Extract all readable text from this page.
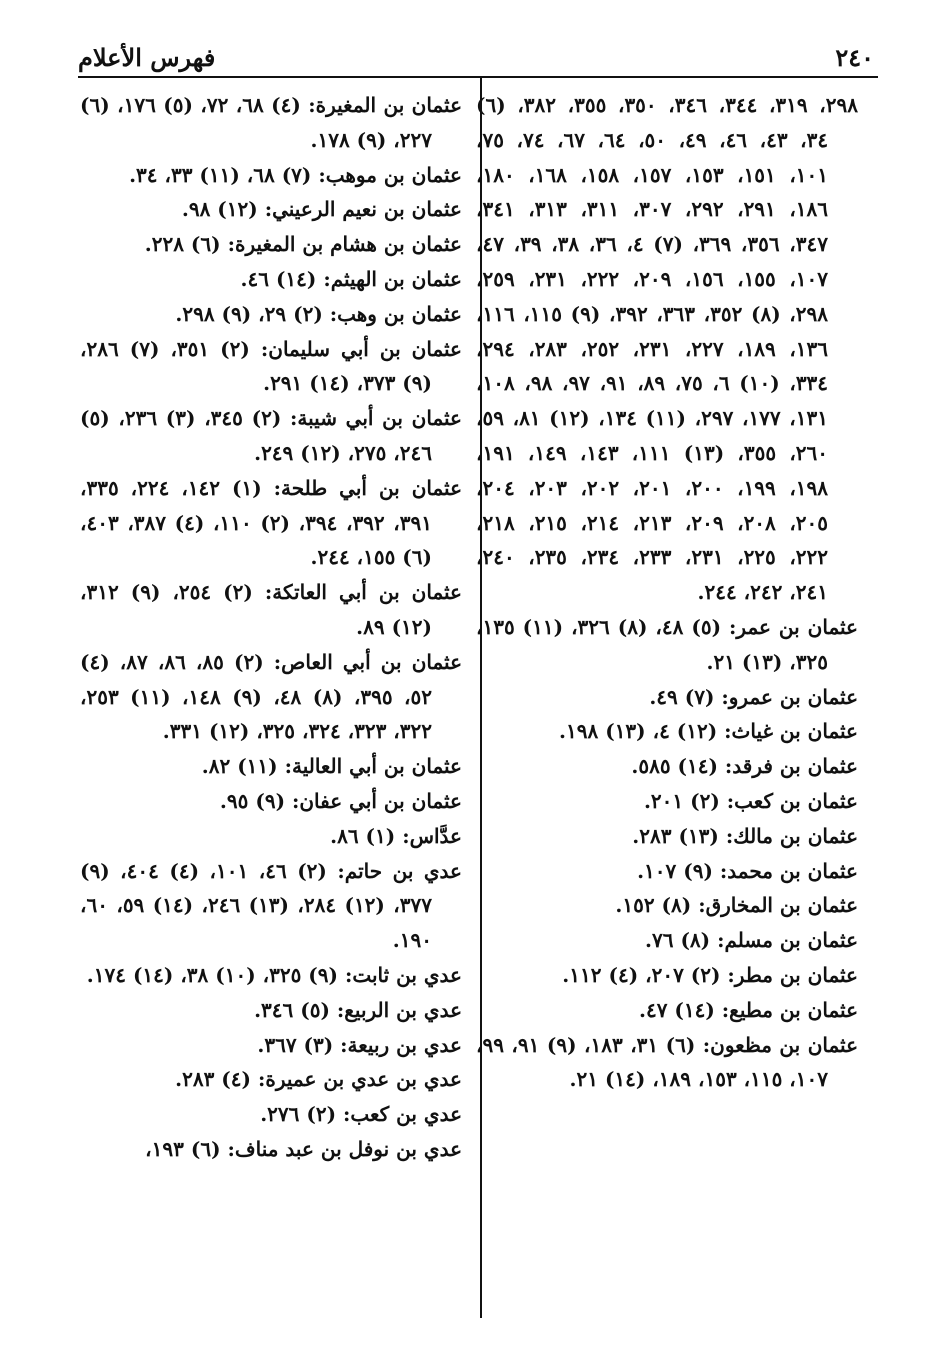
٢٤٠
فهرس الأعلام

٢٩٨، ٣١٩، ٣٤٤، ٣٤٦، ٣٥٠، ٣٥٥، ٣٨٢، (٦) ٣٤، ٤٣، ٤٦، ٤٩، ٥٠، ٦٤، ٦٧، ٧٤، ٧٥، ١٠١، ١٥١، ١٥٣، ١٥٧، ١٥٨، ١٦٨، ١٨٠، ١٨٦، ٢٩١، ٢٩٢، ٣٠٧، ٣١١، ٣١٣، ٣٤١، ٣٤٧، ٣٥٦، ٣٦٩، (٧) ٤، ٣٦، ٣٨، ٣٩، ٤٧، ١٠٧، ١٥٥، ١٥٦، ٢٠٩، ٢٢٢، ٢٣١، ٢٥٩، ٢٩٨، (٨) ٣٥٢، ٣٦٣، ٣٩٢، (٩) ١١٥، ١١٦، ١٣٦، ١٨٩، ٢٢٧، ٢٣١، ٢٥٢، ٢٨٣، ٢٩٤، ٣٣٤، (١٠) ٦، ٧٥، ٨٩، ٩١، ٩٧، ٩٨، ١٠٨، ١٣١، ١٧٧، ٢٩٧، (١١) ١٣٤، (١٢) ٨١، ٥٩، ٢٦٠، ٣٥٥، (١٣) ١١١، ١٤٣، ١٤٩، ١٩١، ١٩٨، ١٩٩، ٢٠٠، ٢٠١، ٢٠٢، ٢٠٣، ٢٠٤، ٢٠٥، ٢٠٨، ٢٠٩، ٢١٣، ٢١٤، ٢١٥، ٢١٨، ٢٢٢، ٢٢٥، ٢٣١، ٢٣٣، ٢٣٤، ٢٣٥، ٢٤٠، ٢٤١، ٢٤٢، ٢٤٤.

عثمان بن عمر: (٥) ٤٨، (٨) ٣٢٦، (١١) ١٣٥، ٣٢٥، (١٣) ٢١.

عثمان بن عمرو: (٧) ٤٩.

عثمان بن غياث: (١٢) ٤، (١٣) ١٩٨.

عثمان بن فرقد: (١٤) ٥٨٥.

عثمان بن كعب: (٢) ٢٠١.

عثمان بن مالك: (١٣) ٢٨٣.

عثمان بن محمد: (٩) ١٠٧.

عثمان بن المخارق: (٨) ١٥٢.

عثمان بن مسلم: (٨) ٧٦.

عثمان بن مطر: (٢) ٢٠٧، (٤) ١١٢.

عثمان بن مطيع: (١٤) ٤٧.

عثمان بن مظعون: (٦) ٣١، ١٨٣، (٩) ٩١، ٩٩، ١٠٧، ١١٥، ١٥٣، ١٨٩، (١٤) ٢١.

عثمان بن المغيرة: (٤) ٦٨، ٧٢، (٥) ١٧٦، (٦) ٢٢٧، (٩) ١٧٨.

عثمان بن موهب: (٧) ٦٨، (١١) ٣٣، ٣٤.

عثمان بن نعيم الرعيني: (١٢) ٩٨.

عثمان بن هشام بن المغيرة: (٦) ٢٢٨.

عثمان بن الهيثم: (١٤) ٤٦.

عثمان بن وهب: (٢) ٢٩، (٩) ٢٩٨.

عثمان بن أبي سليمان: (٢) ٣٥١، (٧) ٢٨٦، (٩) ٣٧٣، (١٤) ٢٩١.

عثمان بن أبي شيبة: (٢) ٣٤٥، (٣) ٢٣٦، (٥) ٢٤٦، ٢٧٥، (١٢) ٢٤٩.

عثمان بن أبي طلحة: (١) ١٤٢، ٢٢٤، ٣٣٥، ٣٩١، ٣٩٢، ٣٩٤، (٢) ١١٠، (٤) ٣٨٧، ٤٠٣، (٦) ١٥٥، ٢٤٤.

عثمان بن أبي العاتكة: (٢) ٢٥٤، (٩) ٣١٢، (١٢) ٨٩.

عثمان بن أبي العاص: (٢) ٨٥، ٨٦، ٨٧، (٤) ٥٢، ٣٩٥، (٨) ٤٨، (٩) ١٤٨، (١١) ٢٥٣، ٣٢٢، ٣٢٣، ٣٢٤، ٣٢٥، (١٢) ٣٣١.

عثمان بن أبي العالية: (١١) ٨٢.

عثمان بن أبي عفان: (٩) ٩٥.

عدَّاس: (١) ٨٦.

عدي بن حاتم: (٢) ٤٦، ١٠١، (٤) ٤٠٤، (٩) ٣٧٧، (١٢) ٢٨٤، (١٣) ٢٤٦، (١٤) ٥٩، ٦٠، ١٩٠.

عدي بن ثابت: (٩) ٣٢٥، (١٠) ٣٨، (١٤) ١٧٤.

عدي بن الربيع: (٥) ٣٤٦.

عدي بن ربيعة: (٣) ٣٦٧.

عدي بن عدي بن عميرة: (٤) ٢٨٣.

عدي بن كعب: (٢) ٢٧٦.

عدي بن نوفل بن عبد مناف: (٦) ١٩٣،
